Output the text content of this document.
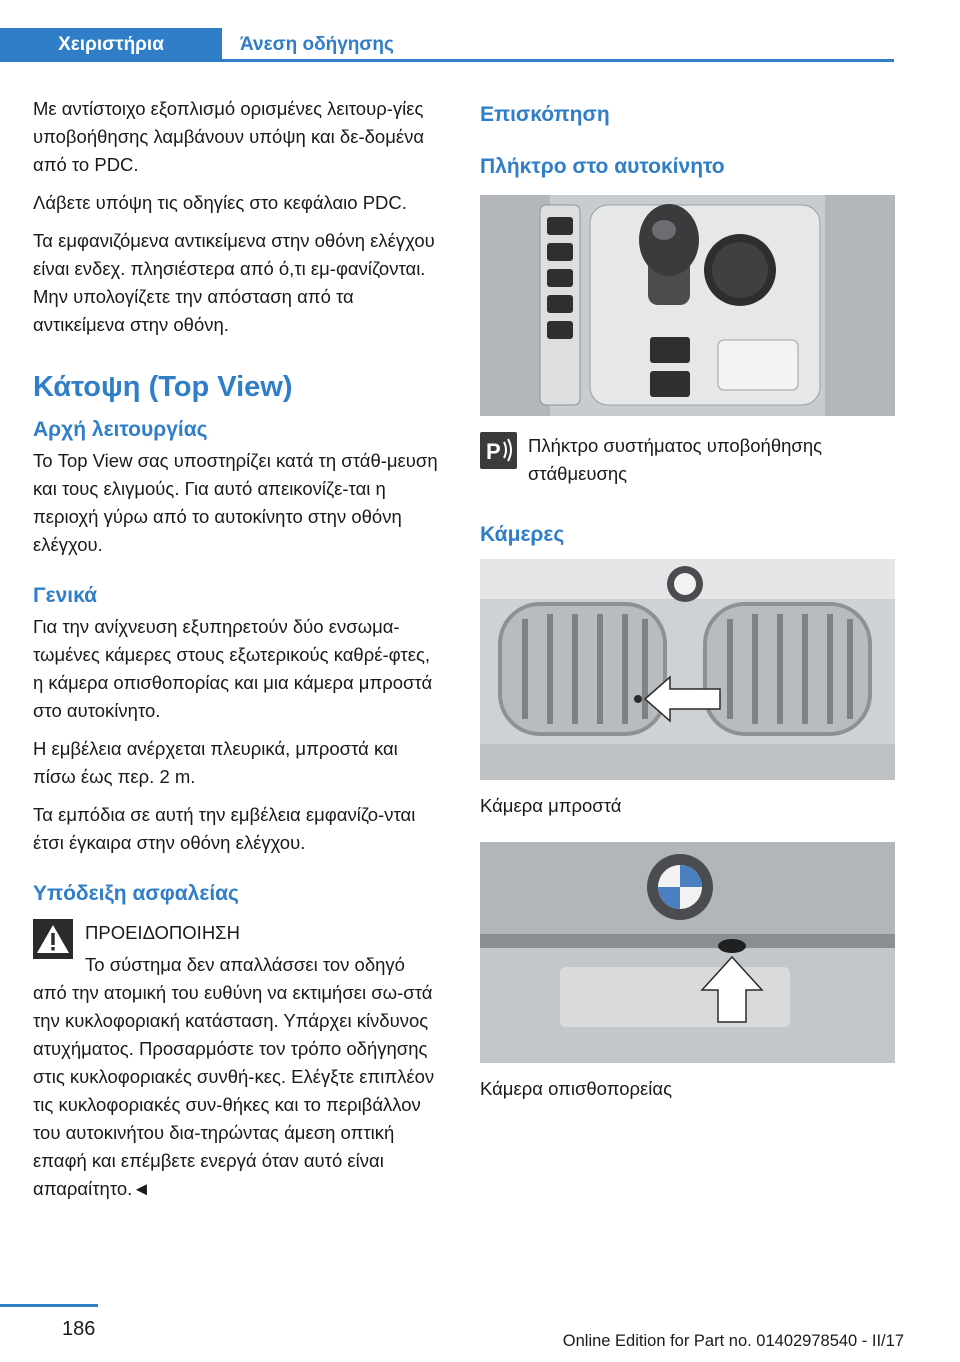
Χειριστήρια	Άνεση οδήγησης

Με αντίστοιχο εξοπλισμό ορισμένες λειτουρ-γίες υποβοήθησης λαμβάνουν υπόψη και δε-δομένα από το PDC.

Λάβετε υπόψη τις οδηγίες στο κεφάλαιο PDC.

Τα εμφανιζόμενα αντικείμενα στην οθόνη ελέγχου είναι ενδεχ. πλησιέστερα από ό,τι εμ-φανίζονται. Μην υπολογίζετε την απόσταση από τα αντικείμενα στην οθόνη.

Κάτοψη (Top View)
Αρχή λειτουργίας

Το Top View σας υποστηρίζει κατά τη στάθ-μευση και τους ελιγμούς. Για αυτό απεικονίζε-ται η περιοχή γύρω από το αυτοκίνητο στην οθόνη ελέγχου.

Γενικά

Για την ανίχνευση εξυπηρετούν δύο ενσωμα-τωμένες κάμερες στους εξωτερικούς καθρέ-φτες, η κάμερα οπισθοπορίας και μια κάμερα μπροστά στο αυτοκίνητο.

Η εμβέλεια ανέρχεται πλευρικά, μπροστά και πίσω έως περ. 2 m.

Τα εμπόδια σε αυτή την εμβέλεια εμφανίζο-νται έτσι έγκαιρα στην οθόνη ελέγχου.

Υπόδειξη ασφαλείας

ΠΡΟΕΙΔΟΠΟΙΗΣΗ

Το σύστημα δεν απαλλάσσει τον οδηγό

από την ατομική του ευθύνη να εκτιμήσει σω-στά την κυκλοφοριακή κατάσταση. Υπάρχει κίνδυνος ατυχήματος. Προσαρμόστε τον τρόπο οδήγησης στις κυκλοφοριακές συνθή-κες. Ελέγξτε επιπλέον τις κυκλοφοριακές συν-θήκες και το περιβάλλον του αυτοκινήτου δια-τηρώντας άμεση οπτική επαφή και επέμβετε ενεργά όταν αυτό είναι απαραίτητο.◄

Επισκόπηση
Πλήκτρο στο αυτοκίνητο
P Πλήκτρο συστήματος υποβοήθησης στάθμευσης
Κάμερες
Κάμερα μπροστά
Κάμερα οπισθοπορείας
186
Online Edition for Part no. 01402978540 - II/17
